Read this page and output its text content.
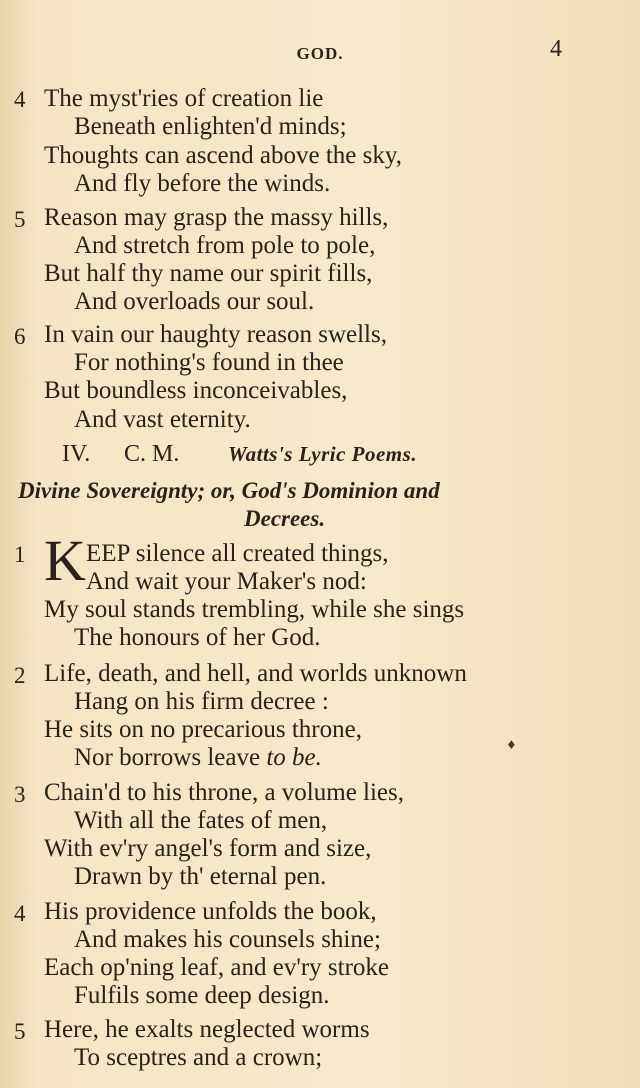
GOD.	4
4 The myst'ries of creation lie
Beneath enlighten'd minds;
Thoughts can ascend above the sky,
And fly before the winds.
5 Reason may grasp the massy hills,
And stretch from pole to pole,
But half thy name our spirit fills,
And overloads our soul.
6 In vain our haughty reason swells,
For nothing's found in thee
But boundless inconceivables,
And vast eternity.
IV. C. M. Watts's Lyric Poems.
Divine Sovereignty; or, God's Dominion and
Decrees.
1 K EEP silence all created things,
And wait your Maker's nod:
My soul stands trembling, while she sings
The honours of her God.
2 Life, death, and hell, and worlds unknown
Hang on his firm decree :
He sits on no precarious throne,
Nor borrows leave to be.	♦
3 Chain'd to his throne, a volume lies,
With all the fates of men,
With ev'ry angel's form and size,
Drawn by th' eternal pen.
4 His providence unfolds the book,
And makes his counsels shine;
Each op'ning leaf, and ev'ry stroke
Fulfils some deep design.
5 Here, he exalts neglected worms
To sceptres and a crown;
